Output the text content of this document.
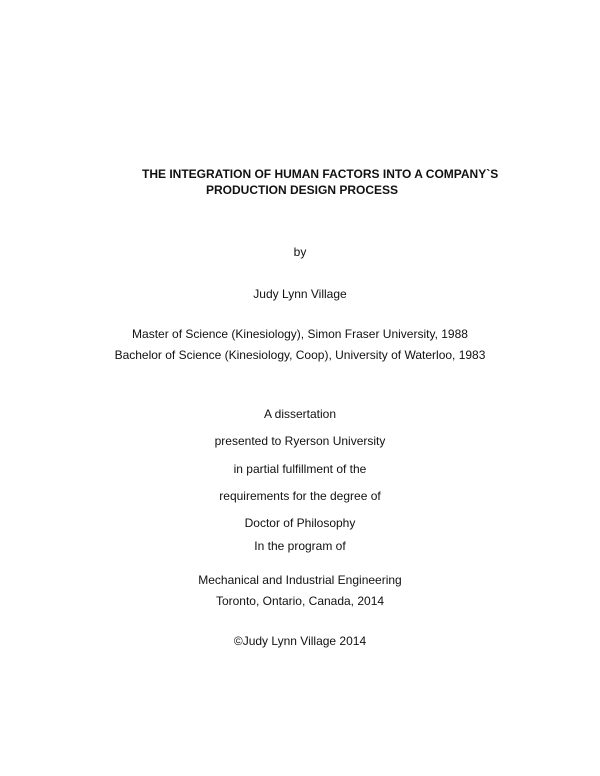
THE INTEGRATION OF HUMAN FACTORS INTO A COMPANY`S
PRODUCTION DESIGN PROCESS
by
Judy Lynn Village
Master of Science (Kinesiology), Simon Fraser University, 1988
Bachelor of Science (Kinesiology, Coop), University of Waterloo, 1983
A dissertation
presented to Ryerson University
in partial fulfillment of the
requirements for the degree of
Doctor of Philosophy
In the program of
Mechanical and Industrial Engineering
Toronto, Ontario, Canada, 2014
©Judy Lynn Village 2014
